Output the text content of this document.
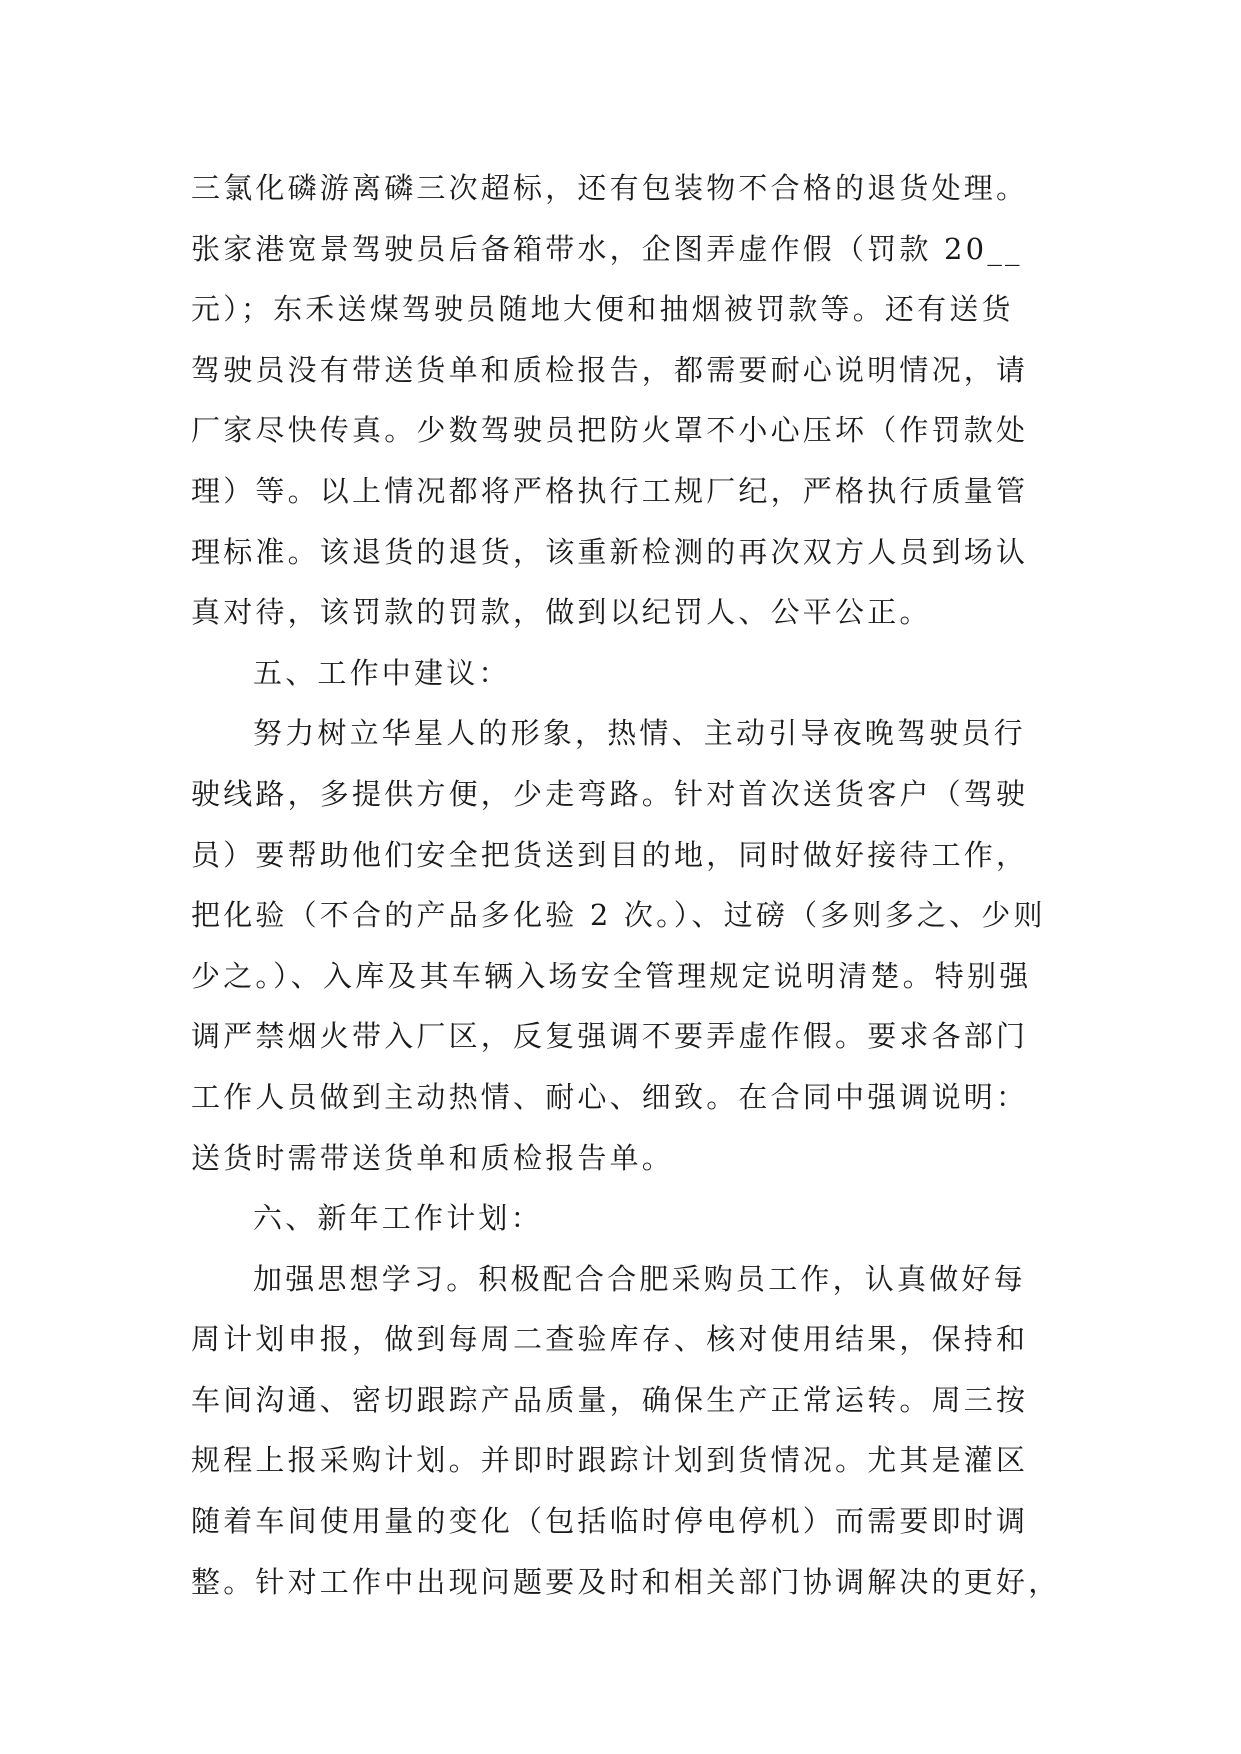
三氯化磷游离磷三次超标，还有包装物不合格的退货处理。
张家港宽景驾驶员后备箱带水，企图弄虚作假（罚款 20__
元）；东禾送煤驾驶员随地大便和抽烟被罚款等。还有送货
驾驶员没有带送货单和质检报告，都需要耐心说明情况，请
厂家尽快传真。少数驾驶员把防火罩不小心压坏（作罚款处
理）等。以上情况都将严格执行工规厂纪，严格执行质量管
理标准。该退货的退货，该重新检测的再次双方人员到场认
真对待，该罚款的罚款，做到以纪罚人、公平公正。
五、工作中建议：
努力树立华星人的形象，热情、主动引导夜晚驾驶员行
驶线路，多提供方便，少走弯路。针对首次送货客户（驾驶
员）要帮助他们安全把货送到目的地，同时做好接待工作，
把化验（不合的产品多化验 2 次。）、过磅（多则多之、少则
少之。）、入库及其车辆入场安全管理规定说明清楚。特别强
调严禁烟火带入厂区，反复强调不要弄虚作假。要求各部门
工作人员做到主动热情、耐心、细致。在合同中强调说明：
送货时需带送货单和质检报告单。
六、新年工作计划：
加强思想学习。积极配合合肥采购员工作，认真做好每
周计划申报，做到每周二查验库存、核对使用结果，保持和
车间沟通、密切跟踪产品质量，确保生产正常运转。周三按
规程上报采购计划。并即时跟踪计划到货情况。尤其是灌区
随着车间使用量的变化（包括临时停电停机）而需要即时调
整。针对工作中出现问题要及时和相关部门协调解决的更好，
